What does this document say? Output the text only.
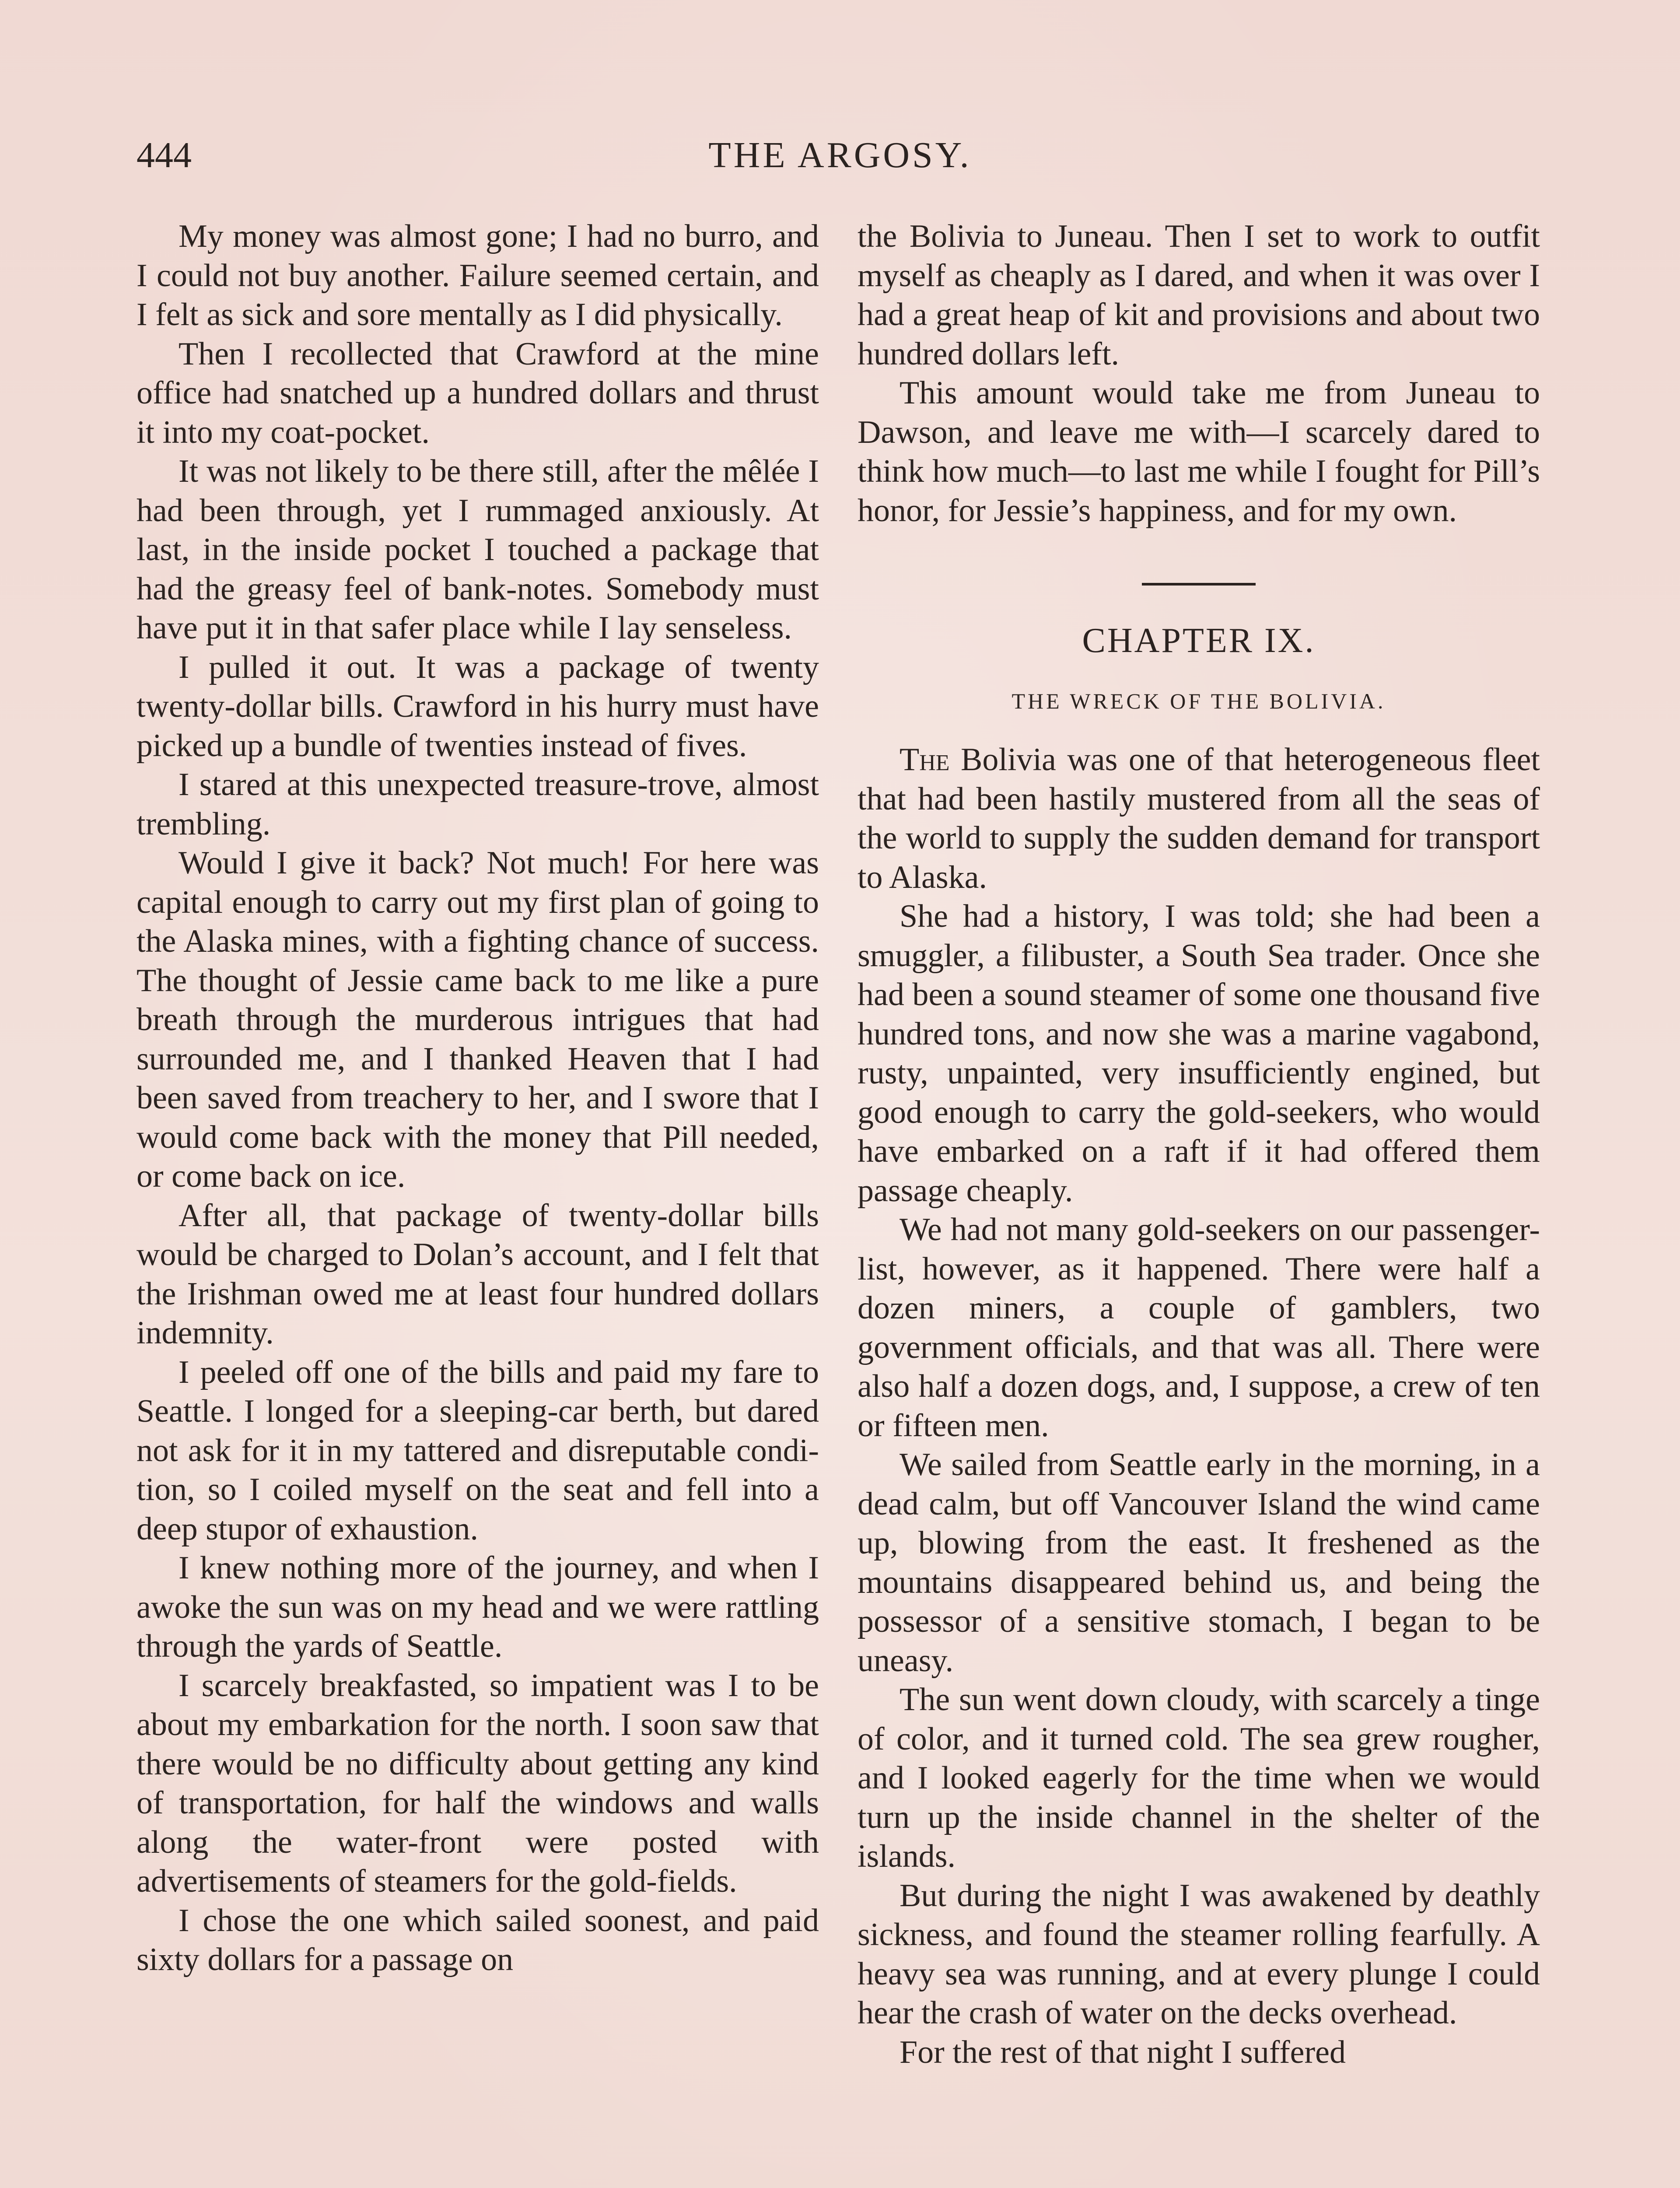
444	THE ARGOSY.

My money was almost gone; I had no burro, and I could not buy another. Failure seemed certain, and I felt as sick and sore mentally as I did physically.

Then I recollected that Crawford at the mine office had snatched up a hundred dollars and thrust it into my coat-pocket.

It was not likely to be there still, after the mêlée I had been through, yet I rummaged anxiously. At last, in the inside pocket I touched a package that had the greasy feel of bank-notes. Somebody must have put it in that safer place while I lay senseless.

I pulled it out. It was a package of twenty twenty-dollar bills. Crawford in his hurry must have picked up a bundle of twenties instead of fives.

I stared at this unexpected treasure-trove, almost trembling.

Would I give it back? Not much! For here was capital enough to carry out my first plan of going to the Alaska mines, with a fighting chance of success. The thought of Jessie came back to me like a pure breath through the murderous intrigues that had surrounded me, and I thanked Heaven that I had been saved from treachery to her, and I swore that I would come back with the money that Pill needed, or come back on ice.

After all, that package of twenty-dollar bills would be charged to Dolan’s account, and I felt that the Irishman owed me at least four hundred dollars indemnity.

I peeled off one of the bills and paid my fare to Seattle. I longed for a sleeping-car berth, but dared not ask for it in my tattered and disreputable condition, so I coiled myself on the seat and fell into a deep stupor of exhaustion.

I knew nothing more of the journey, and when I awoke the sun was on my head and we were rattling through the yards of Seattle.

I scarcely breakfasted, so impatient was I to be about my embarkation for the north. I soon saw that there would be no difficulty about getting any kind of transportation, for half the windows and walls along the water-front were posted with advertisements of steamers for the gold-fields.

I chose the one which sailed soonest, and paid sixty dollars for a passage on

the Bolivia to Juneau. Then I set to work to outfit myself as cheaply as I dared, and when it was over I had a great heap of kit and provisions and about two hundred dollars left.

This amount would take me from Juneau to Dawson, and leave me with—I scarcely dared to think how much—to last me while I fought for Pill’s honor, for Jessie’s happiness, and for my own.

CHAPTER IX.
THE WRECK OF THE BOLIVIA.

The Bolivia was one of that heterogeneous fleet that had been hastily mustered from all the seas of the world to supply the sudden demand for transport to Alaska.

She had a history, I was told; she had been a smuggler, a filibuster, a South Sea trader. Once she had been a sound steamer of some one thousand five hundred tons, and now she was a marine vagabond, rusty, unpainted, very insufficiently engined, but good enough to carry the gold-seekers, who would have embarked on a raft if it had offered them passage cheaply.

We had not many gold-seekers on our passenger-list, however, as it happened. There were half a dozen miners, a couple of gamblers, two government officials, and that was all. There were also half a dozen dogs, and, I suppose, a crew of ten or fifteen men.

We sailed from Seattle early in the morning, in a dead calm, but off Vancouver Island the wind came up, blowing from the east. It freshened as the mountains disappeared behind us, and being the possessor of a sensitive stomach, I began to be uneasy.

The sun went down cloudy, with scarcely a tinge of color, and it turned cold. The sea grew rougher, and I looked eagerly for the time when we would turn up the inside channel in the shelter of the islands.

But during the night I was awakened by deathly sickness, and found the steamer rolling fearfully. A heavy sea was running, and at every plunge I could hear the crash of water on the decks overhead.

For the rest of that night I suffered
